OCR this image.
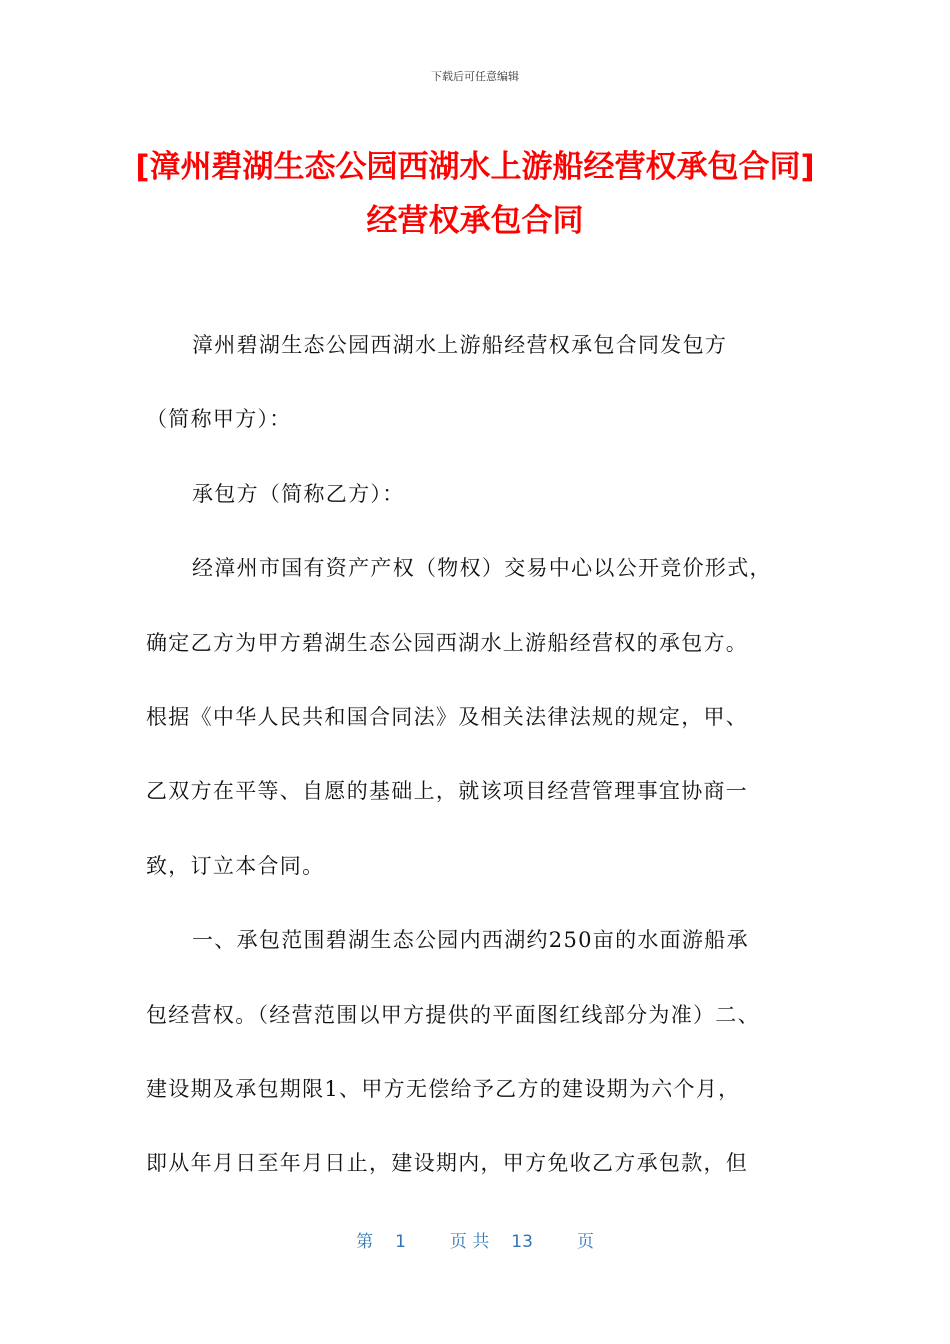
下载后可任意编辑
[漳州碧湖生态公园西湖水上游船经营权承包合同] 经营权承包合同
漳州碧湖生态公园西湖水上游船经营权承包合同发包方
（简称甲方）：
承包方（简称乙方）：
经漳州市国有资产产权（物权）交易中心以公开竞价形式，
确定乙方为甲方碧湖生态公园西湖水上游船经营权的承包方。
根据《中华人民共和国合同法》及相关法律法规的规定，甲、
乙双方在平等、自愿的基础上，就该项目经营管理事宜协商一
致，订立本合同。
一、承包范围碧湖生态公园内西湖约250亩的水面游船承
包经营权。（经营范围以甲方提供的平面图红线部分为准）二、
建设期及承包期限1、甲方无偿给予乙方的建设期为六个月，
即从年月日至年月日止，建设期内，甲方免收乙方承包款，但
第 1	页 共 13	页
